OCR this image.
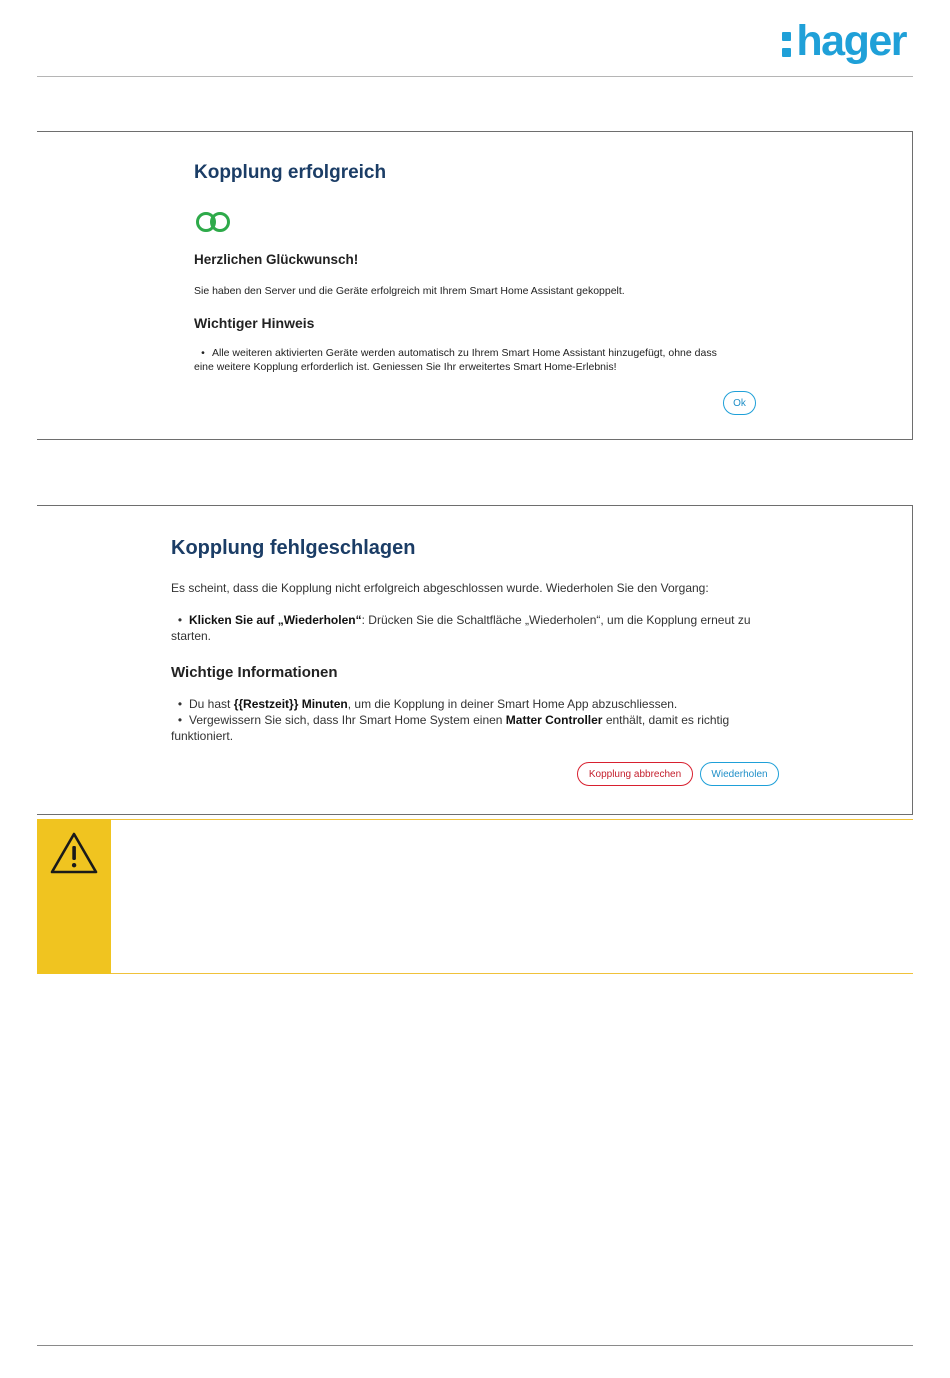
hager
Kopplung erfolgreich
Herzlichen Glückwunsch!

Sie haben den Server und die Geräte erfolgreich mit Ihrem Smart Home Assistant gekoppelt.

Wichtiger Hinweis
• Alle weiteren aktivierten Geräte werden automatisch zu Ihrem Smart Home Assistant hinzugefügt, ohne dass
eine weitere Kopplung erforderlich ist. Geniessen Sie Ihr erweitertes Smart Home-Erlebnis!
Ok
Kopplung fehlgeschlagen

Es scheint, dass die Kopplung nicht erfolgreich abgeschlossen wurde. Wiederholen Sie den Vorgang:

• Klicken Sie auf „Wiederholen“: Drücken Sie die Schaltfläche „Wiederholen“, um die Kopplung erneut zu
starten.
Wichtige Informationen
• Du hast {{Restzeit}} Minuten, um die Kopplung in deiner Smart Home App abzuschliessen.
• Vergewissern Sie sich, dass Ihr Smart Home System einen Matter Controller enthält, damit es richtig
funktioniert.
Kopplung abbrechen	Wiederholen
